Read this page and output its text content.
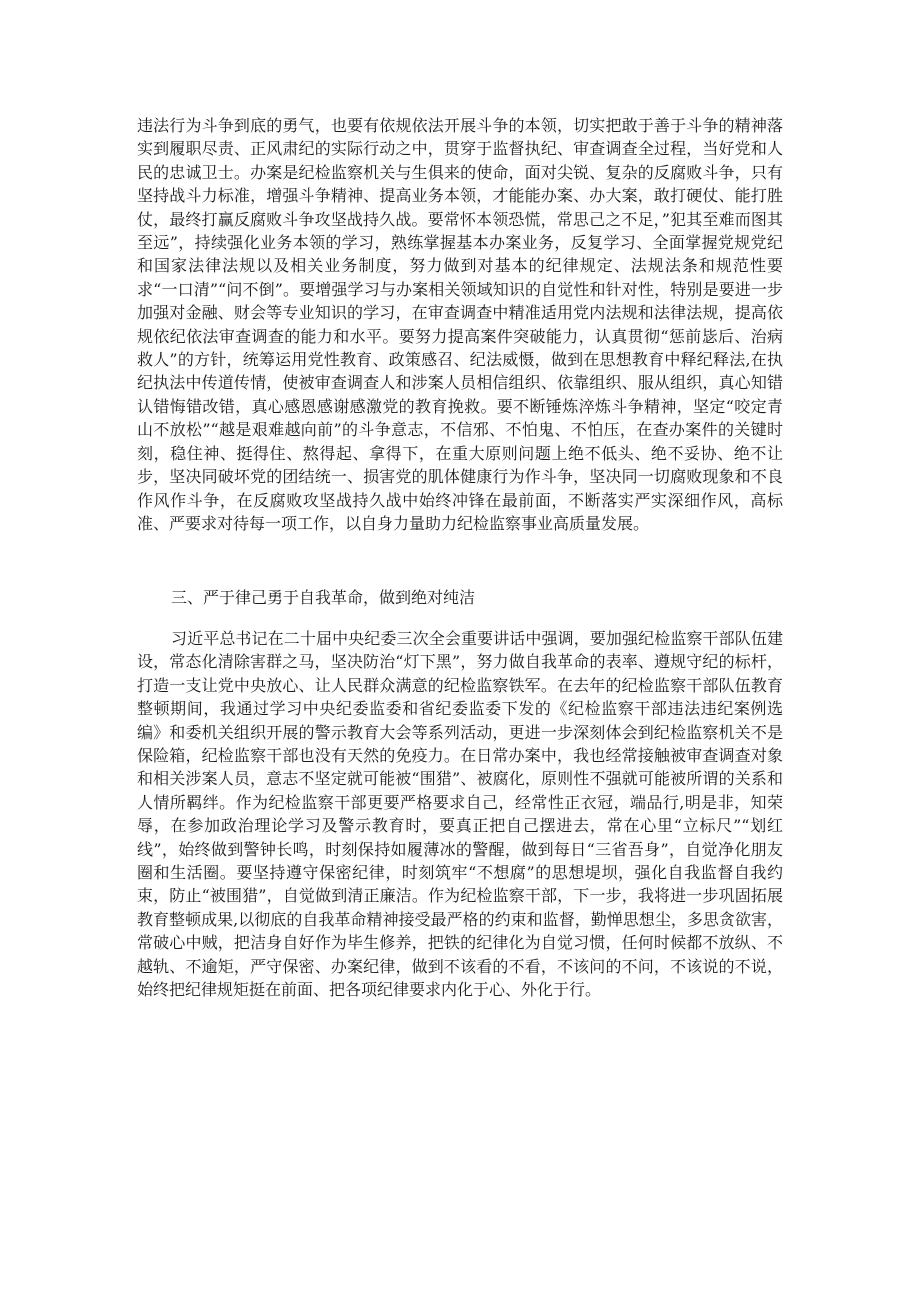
违法行为斗争到底的勇气，也要有依规依法开展斗争的本领，切实把敢于善于斗争的精神落实到履职尽责、正风肃纪的实际行动之中，贯穿于监督执纪、审查调查全过程，当好党和人民的忠诚卫士。办案是纪检监察机关与生俱来的使命，面对尖锐、复杂的反腐败斗争，只有坚持战斗力标准，增强斗争精神、提高业务本领，才能能办案、办大案，敢打硬仗、能打胜仗，最终打赢反腐败斗争攻坚战持久战。要常怀本领恐慌，常思己之不足，”犯其至难而图其至远”，持续强化业务本领的学习，熟练掌握基本办案业务，反复学习、全面掌握党规党纪和国家法律法规以及相关业务制度，努力做到对基本的纪律规定、法规法条和规范性要求“一口清”“问不倒”。要增强学习与办案相关领域知识的自觉性和针对性，特别是要进一步加强对金融、财会等专业知识的学习，在审查调查中精准适用党内法规和法律法规，提高依规依纪依法审查调查的能力和水平。要努力提高案件突破能力，认真贯彻“惩前毖后、治病救人”的方针，统筹运用党性教育、政策感召、纪法威慑，做到在思想教育中释纪释法,在执纪执法中传道传情，使被审查调查人和涉案人员相信组织、依靠组织、服从组织，真心知错认错悔错改错，真心感恩感谢感激党的教育挽救。要不断锤炼淬炼斗争精神，坚定“咬定青山不放松”“越是艰难越向前”的斗争意志，不信邪、不怕鬼、不怕压，在查办案件的关键时刻，稳住神、挺得住、熬得起、拿得下，在重大原则问题上绝不低头、绝不妥协、绝不让步，坚决同破坏党的团结统一、损害党的肌体健康行为作斗争，坚决同一切腐败现象和不良作风作斗争，在反腐败攻坚战持久战中始终冲锋在最前面，不断落实严实深细作风，高标准、严要求对待每一项工作，以自身力量助力纪检监察事业高质量发展。

三、严于律己勇于自我革命，做到绝对纯洁

习近平总书记在二十届中央纪委三次全会重要讲话中强调，要加强纪检监察干部队伍建设，常态化清除害群之马，坚决防治“灯下黑”，努力做自我革命的表率、遵规守纪的标杆，打造一支让党中央放心、让人民群众满意的纪检监察铁军。在去年的纪检监察干部队伍教育整顿期间，我通过学习中央纪委监委和省纪委监委下发的《纪检监察干部违法违纪案例选编》和委机关组织开展的警示教育大会等系列活动，更进一步深刻体会到纪检监察机关不是保险箱，纪检监察干部也没有天然的免疫力。在日常办案中，我也经常接触被审查调查对象和相关涉案人员，意志不坚定就可能被“围猎”、被腐化，原则性不强就可能被所谓的关系和人情所羁绊。作为纪检监察干部更要严格要求自己，经常性正衣冠，端品行,明是非，知荣辱，在参加政治理论学习及警示教育时，要真正把自己摆进去，常在心里“立标尺”“划红线”，始终做到警钟长鸣，时刻保持如履薄冰的警醒，做到每日“三省吾身”，自觉净化朋友圈和生活圈。要坚持遵守保密纪律，时刻筑牢“不想腐”的思想堤坝，强化自我监督自我约束，防止“被围猎”，自觉做到清正廉洁。作为纪检监察干部，下一步，我将进一步巩固拓展教育整顿成果,以彻底的自我革命精神接受最严格的约束和监督，勤惮思想尘，多思贪欲害，常破心中贼，把洁身自好作为毕生修养，把铁的纪律化为自觉习惯，任何时候都不放纵、不越轨、不逾矩，严守保密、办案纪律，做到不该看的不看，不该问的不问，不该说的不说，始终把纪律规矩挺在前面、把各项纪律要求内化于心、外化于行。
